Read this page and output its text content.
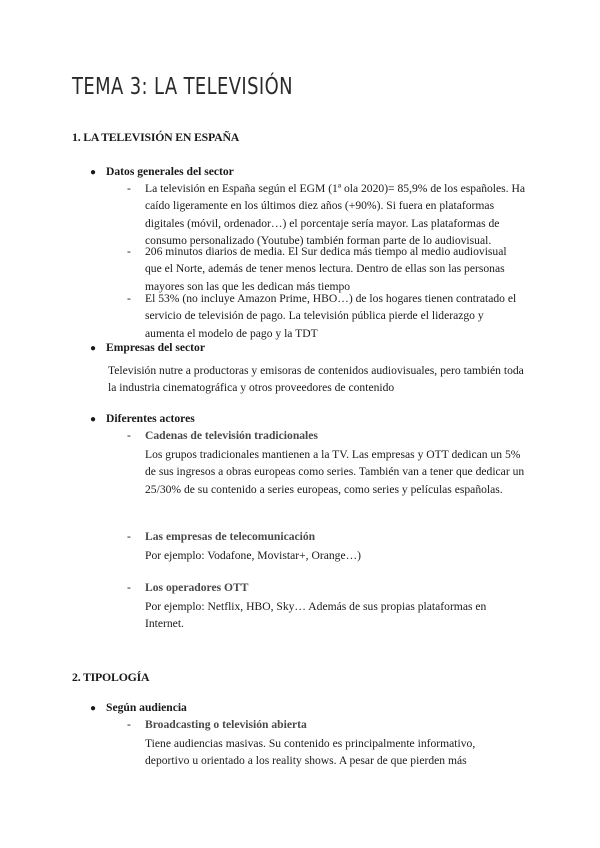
TEMA 3: LA TELEVISIÓN
1. LA TELEVISIÓN EN ESPAÑA
● Datos generales del sector
- La televisión en España según el EGM (1ª ola 2020)= 85,9% de los españoles. Ha caído ligeramente en los últimos diez años (+90%). Si fuera en plataformas digitales (móvil, ordenador…) el porcentaje sería mayor. Las plataformas de consumo personalizado (Youtube) también forman parte de lo audiovisual.
- 206 minutos diarios de media. El Sur dedica más tiempo al medio audiovisual que el Norte, además de tener menos lectura. Dentro de ellas son las personas mayores son las que les dedican más tiempo
- El 53% (no incluye Amazon Prime, HBO…) de los hogares tienen contratado el servicio de televisión de pago. La televisión pública pierde el liderazgo y aumenta el modelo de pago y la TDT
● Empresas del sector
Televisión nutre a productoras y emisoras de contenidos audiovisuales, pero también toda la industria cinematográfica y otros proveedores de contenido
● Diferentes actores
- Cadenas de televisión tradicionales
Los grupos tradicionales mantienen a la TV. Las empresas y OTT dedican un 5% de sus ingresos a obras europeas como series. También van a tener que dedicar un 25/30% de su contenido a series europeas, como series y películas españolas.
- Las empresas de telecomunicación
Por ejemplo: Vodafone, Movistar+, Orange…)
- Los operadores OTT
Por ejemplo: Netflix, HBO, Sky… Además de sus propias plataformas en Internet.
2. TIPOLOGÍA
● Según audiencia
- Broadcasting o televisión abierta
Tiene audiencias masivas. Su contenido es principalmente informativo, deportivo u orientado a los reality shows. A pesar de que pierden más
